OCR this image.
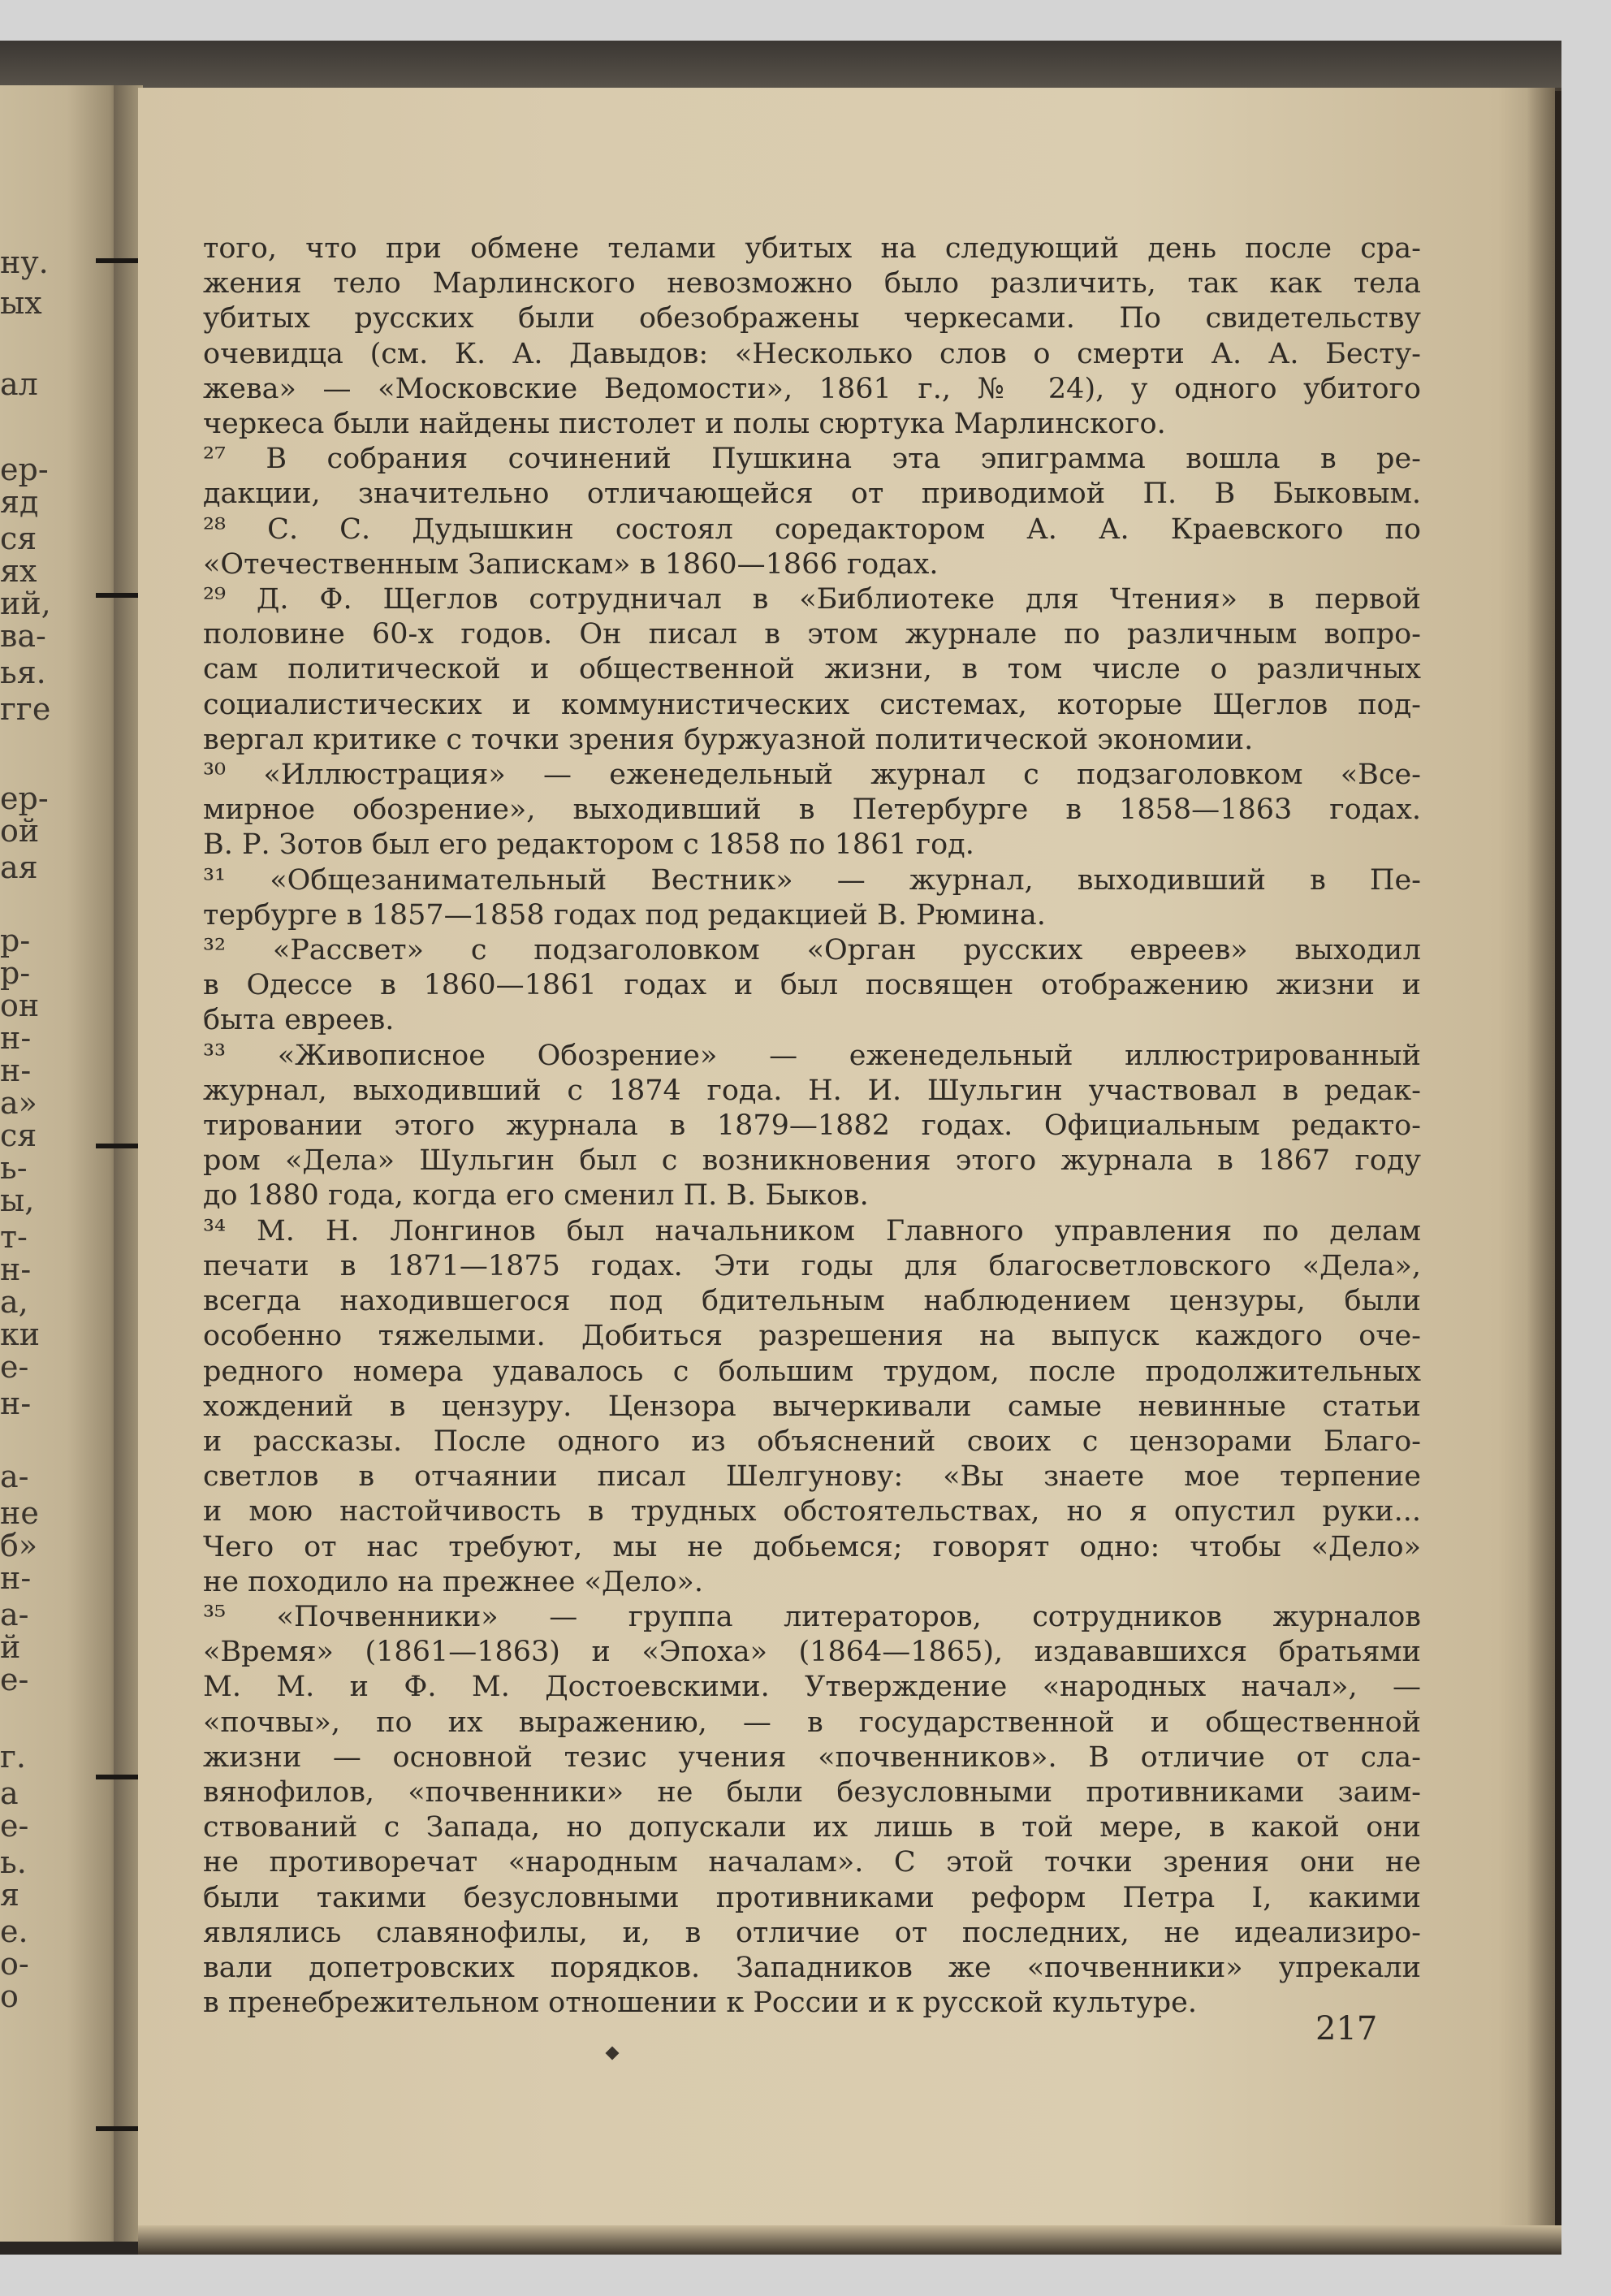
ну.
ых
ал
ер-
яд
ся
ях
ий,
ва-
ья.
гге
ер-
ой
ая
р-
р-
он
н-
н-
а»
ся
ь-
ы,
т-
н-
а,
ки
е-
н-
а-
не
б»
н-
а-
й
е-
г.
а
е-
ь.
я
е.
о-
о
того, что при обмене телами убитых на следующий день после сра-
жения тело Марлинского невозможно было различить, так как тела
убитых русских были обезображены черкесами. По свидетельству
очевидца (см. К. А. Давыдов: «Несколько слов о смерти А. А. Бесту-
жева» — «Московские Ведомости», 1861 г., № 24), у одного убитого
черкеса были найдены пистолет и полы сюртука Марлинского.
²⁷ В собрания сочинений Пушкина эта эпиграмма вошла в ре-
дакции, значительно отличающейся от приводимой П. В Быковым.
²⁸ С. С. Дудышкин состоял соредактором А. А. Краевского по
«Отечественным Запискам» в 1860—1866 годах.
²⁹ Д. Ф. Щеглов сотрудничал в «Библиотеке для Чтения» в первой
половине 60-х годов. Он писал в этом журнале по различным вопро-
сам политической и общественной жизни, в том числе о различных
социалистических и коммунистических системах, которые Щеглов под-
вергал критике с точки зрения буржуазной политической экономии.
³⁰ «Иллюстрация» — еженедельный журнал с подзаголовком «Все-
мирное обозрение», выходивший в Петербурге в 1858—1863 годах.
В. Р. Зотов был его редактором с 1858 по 1861 год.
³¹ «Общезанимательный Вестник» — журнал, выходивший в Пе-
тербурге в 1857—1858 годах под редакцией В. Рюмина.
³² «Рассвет» с подзаголовком «Орган русских евреев» выходил
в Одессе в 1860—1861 годах и был посвящен отображению жизни и
быта евреев.
³³ «Живописное Обозрение» — еженедельный иллюстрированный
журнал, выходивший с 1874 года. Н. И. Шульгин участвовал в редак-
тировании этого журнала в 1879—1882 годах. Официальным редакто-
ром «Дела» Шульгин был с возникновения этого журнала в 1867 году
до 1880 года, когда его сменил П. В. Быков.
³⁴ М. Н. Лонгинов был начальником Главного управления по делам
печати в 1871—1875 годах. Эти годы для благосветловского «Дела»,
всегда находившегося под бдительным наблюдением цензуры, были
особенно тяжелыми. Добиться разрешения на выпуск каждого оче-
редного номера удавалось с большим трудом, после продолжительных
хождений в цензуру. Цензора вычеркивали самые невинные статьи
и рассказы. После одного из объяснений своих с цензорами Благо-
светлов в отчаянии писал Шелгунову: «Вы знаете мое терпение
и мою настойчивость в трудных обстоятельствах, но я опустил руки...
Чего от нас требуют, мы не добьемся; говорят одно: чтобы «Дело»
не походило на прежнее «Дело».
³⁵ «Почвенники» — группа литераторов, сотрудников журналов
«Время» (1861—1863) и «Эпоха» (1864—1865), издававшихся братьями
М. М. и Ф. М. Достоевскими. Утверждение «народных начал», —
«почвы», по их выражению, — в государственной и общественной
жизни — основной тезис учения «почвенников». В отличие от сла-
вянофилов, «почвенники» не были безусловными противниками заим-
ствований с Запада, но допускали их лишь в той мере, в какой они
не противоречат «народным началам». С этой точки зрения они не
были такими безусловными противниками реформ Петра I, какими
являлись славянофилы, и, в отличие от последних, не идеализиро-
вали допетровских порядков. Западников же «почвенники» упрекали
в пренебрежительном отношении к России и к русской культуре.
217
